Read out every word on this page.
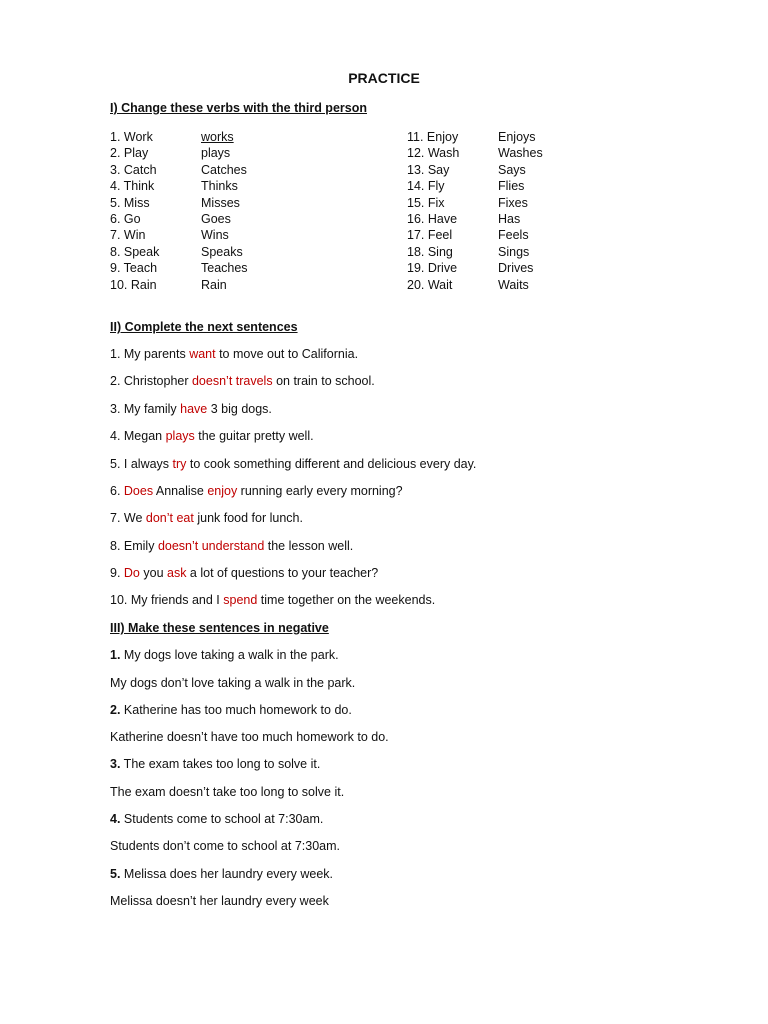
PRACTICE
I) Change these verbs with the third person
1. Work
2. Play
3. Catch
4. Think
5. Miss
6. Go
7. Win
8. Speak
9. Teach
10. Rain
works
plays
Catches
Thinks
Misses
Goes
Wins
Speaks
Teaches
Rain
11. Enjoy
12. Wash
13. Say
14. Fly
15. Fix
16. Have
17. Feel
18. Sing
19. Drive
20. Wait
Enjoys
Washes
Says
Flies
Fixes
Has
Feels
Sings
Drives
Waits
II) Complete the next sentences
1. My parents want to move out to California.
2. Christopher doesn’t travels on train to school.
3. My family have 3 big dogs.
4. Megan plays the guitar pretty well.
5. I always try to cook something different and delicious every day.
6. Does Annalise enjoy running early every morning?
7. We don’t eat junk food for lunch.
8. Emily doesn’t understand the lesson well.
9. Do you ask a lot of questions to your teacher?
10. My friends and I spend time together on the weekends.
III) Make these sentences in negative
1. My dogs love taking a walk in the park.
My dogs don’t love taking a walk in the park.
2. Katherine has too much homework to do.
Katherine doesn’t have too much homework to do.
3. The exam takes too long to solve it.
The exam doesn’t take too long to solve it.
4. Students come to school at 7:30am.
Students don’t come to school at 7:30am.
5. Melissa does her laundry every week.
Melissa doesn’t her laundry every week
